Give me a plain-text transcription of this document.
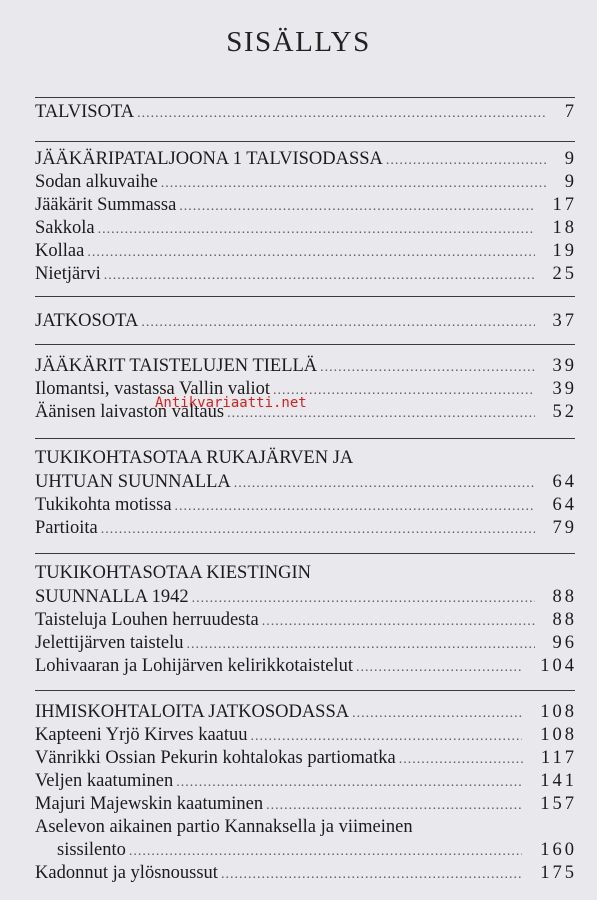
SISÄLLYS
Antikvariaatti.net
TALVISOTA .....	7
JÄÄKÄRIPATALJOONA 1 TALVISODASSA .....	9
Sodan alkuvaihe .....	9
Jääkärit Summassa .....	17
Sakkola .....	18
Kollaa .....	19
Nietjärvi .....	25
JATKOSOTA .....	37
JÄÄKÄRIT TAISTELUJEN TIELLÄ .....	39
Ilomantsi, vastassa Vallin valiot .....	39
Äänisen laivaston valtaus .....	52
TUKIKOHTASOTAA RUKAJÄRVEN JA
UHTUAN SUUNNALLA .....	64
Tukikohta motissa .....	64
Partioita .....	79
TUKIKOHTASOTAA KIESTINGIN
SUUNNALLA 1942 .....	88
Taisteluja Louhen herruudesta .....	88
Jelettijärven taistelu .....	96
Lohivaaran ja Lohijärven kelirikkotaistelut .....	104
IHMISKOHTALOITA JATKOSODASSA .....	108
Kapteeni Yrjö Kirves kaatuu .....	108
Vänrikki Ossian Pekurin kohtalokas partiomatka .....	117
Veljen kaatuminen .....	141
Majuri Majewskin kaatuminen .....	157
Aselevon aikainen partio Kannaksella ja viimeinen
sissilento .....	160
Kadonnut ja ylösnoussut .....	175
